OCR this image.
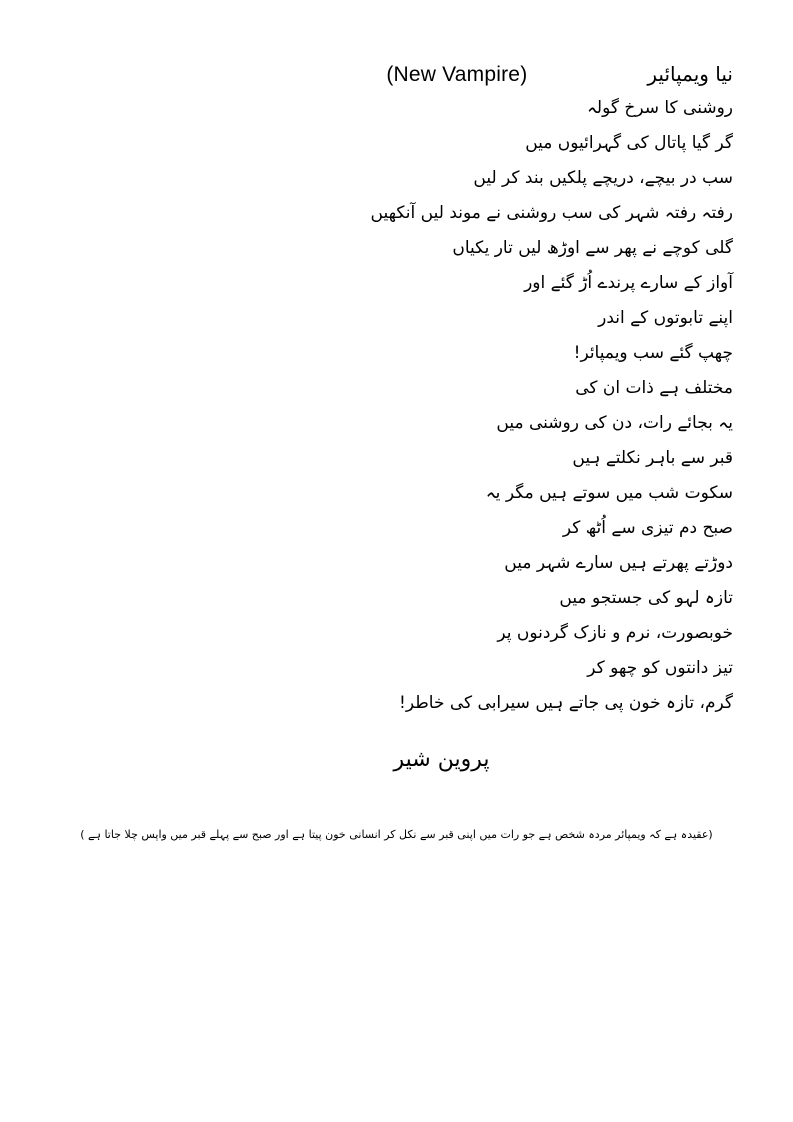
(New Vampire)	نیا ویمپائیر

روشنی کا سرخ گولہ

گر گیا پاتال کی گہرائیوں میں

سب در بیچے، دریچے پلکیں بند کر لیں

رفتہ رفتہ شہر کی سب روشنی نے موند لیں آنکھیں

گلی کوچے نے پھر سے اوڑھ لیں تار یکیاں

آواز کے سارے پرندے اُڑ گئے اور

اپنے تابوتوں کے اندر

چھپ گئے سب ویمپائر!

مختلف ہے ذات ان کی

یہ بجائے رات، دن کی روشنی میں

قبر سے باہر نکلتے ہیں

سکوت شب میں سوتے ہیں مگر یہ

صبح دم تیزی سے اُٹھ کر

دوڑتے پھرتے ہیں سارے شہر میں

تازہ لہو کی جستجو میں

خوبصورت، نرم و نازک گردنوں پر

تیز دانتوں کو چھو کر

گرم، تازہ خون پی جاتے ہیں سیرابی کی خاطر!

پروین شیر
(عقیدہ ہے کہ ویمپائر مردہ شخص ہے جو رات میں اپنی قبر سے نکل کر انسانی خون پیتا ہے اور صبح سے پہلے قبر میں واپس چلا جاتا ہے )
